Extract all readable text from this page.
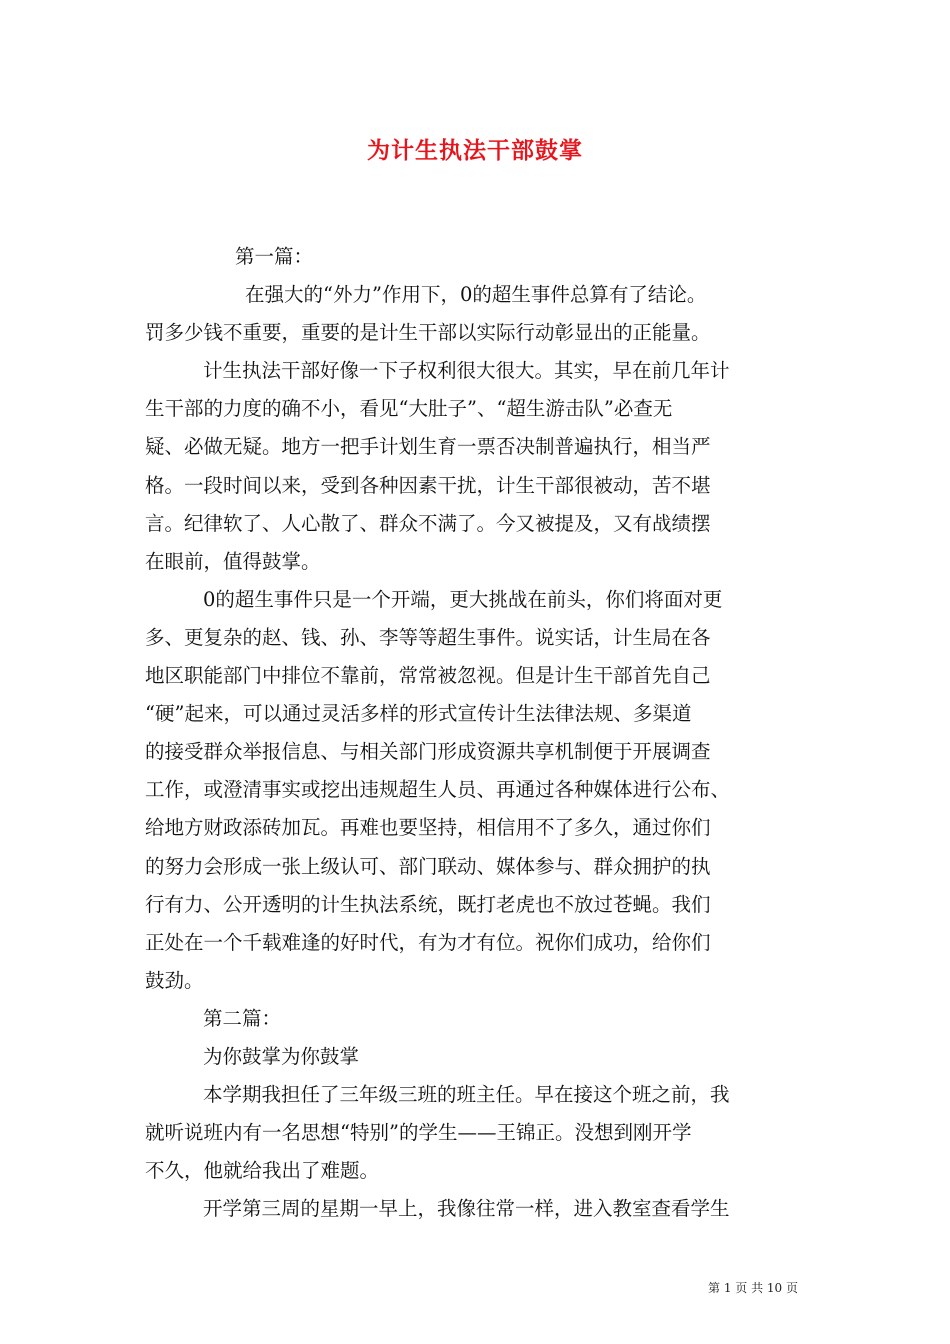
为计生执法干部鼓掌
第一篇：
在强大的“外力”作用下，0的超生事件总算有了结论。
罚多少钱不重要，重要的是计生干部以实际行动彰显出的正能量。
计生执法干部好像一下子权利很大很大。其实，早在前几年计
生干部的力度的确不小，看见“大肚子”、“超生游击队”必查无
疑、必做无疑。地方一把手计划生育一票否决制普遍执行，相当严
格。一段时间以来，受到各种因素干扰，计生干部很被动，苦不堪
言。纪律软了、人心散了、群众不满了。今又被提及，又有战绩摆
在眼前，值得鼓掌。
0的超生事件只是一个开端，更大挑战在前头，你们将面对更
多、更复杂的赵、钱、孙、李等等超生事件。说实话，计生局在各
地区职能部门中排位不靠前，常常被忽视。但是计生干部首先自己
“硬”起来，可以通过灵活多样的形式宣传计生法律法规、多渠道
的接受群众举报信息、与相关部门形成资源共享机制便于开展调查
工作，或澄清事实或挖出违规超生人员、再通过各种媒体进行公布、
给地方财政添砖加瓦。再难也要坚持，相信用不了多久，通过你们
的努力会形成一张上级认可、部门联动、媒体参与、群众拥护的执
行有力、公开透明的计生执法系统，既打老虎也不放过苍蝇。我们
正处在一个千载难逢的好时代，有为才有位。祝你们成功，给你们
鼓劲。
第二篇：
为你鼓掌为你鼓掌
本学期我担任了三年级三班的班主任。早在接这个班之前，我
就听说班内有一名思想“特别”的学生——王锦正。没想到刚开学
不久，他就给我出了难题。
开学第三周的星期一早上，我像往常一样，进入教室查看学生
第 1 页 共 10 页
